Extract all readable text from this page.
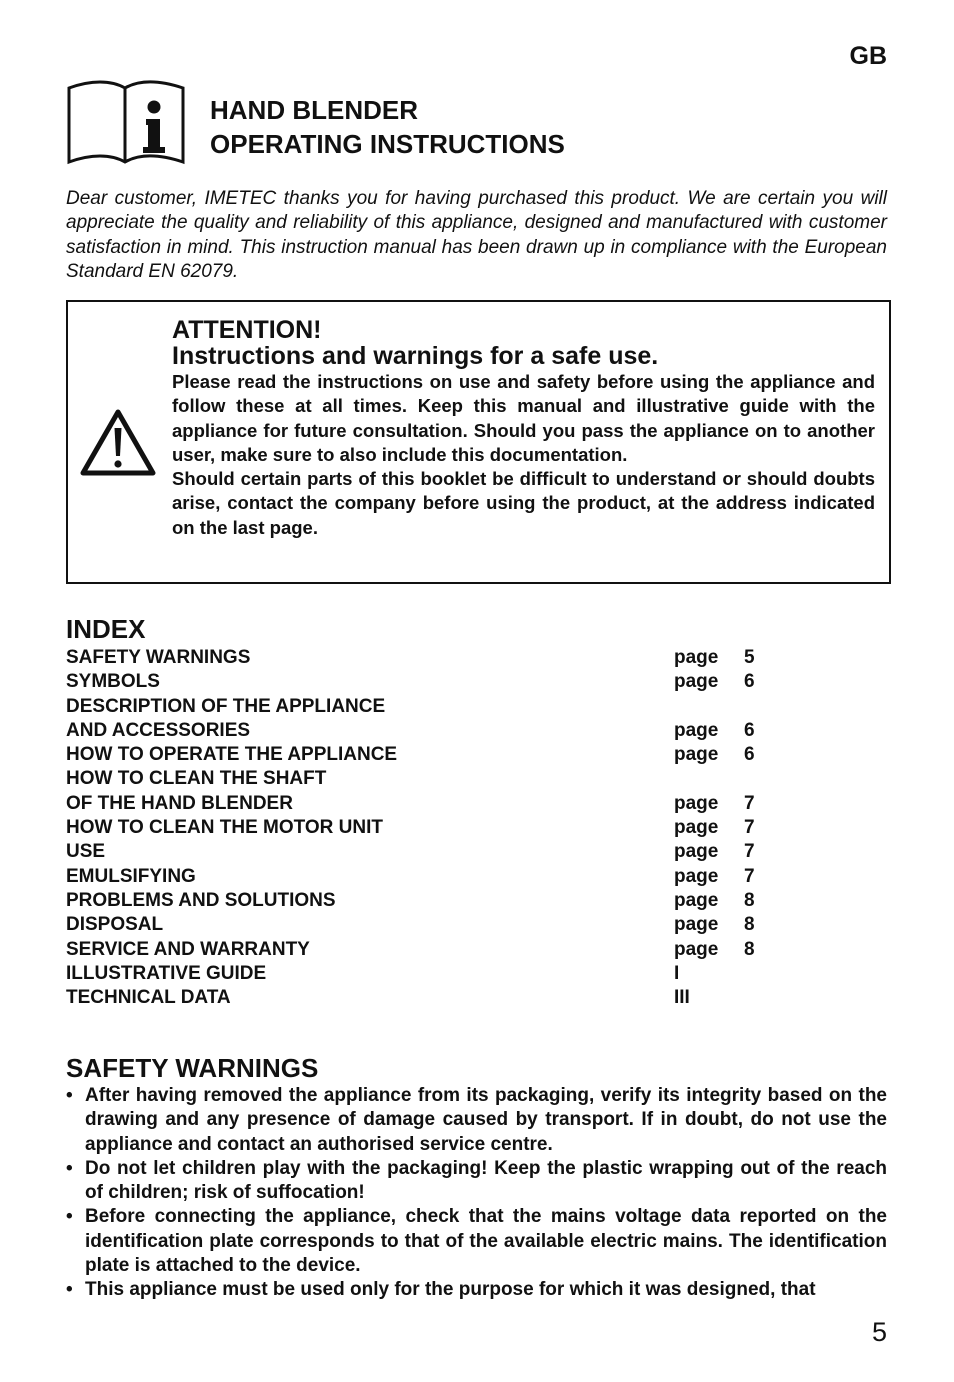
GB
HAND BLENDER
OPERATING INSTRUCTIONS

Dear customer, IMETEC thanks you for having purchased this product. We are certain you will appreciate the quality and reliability of this appliance, designed and manufactured with customer satisfaction in mind. This instruction manual has been drawn up in compliance with the European Standard EN 62079.

ATTENTION!
Instructions and warnings for a safe use.

Please read the instructions on use and safety before using the appliance and follow these at all times. Keep this manual and illustrative guide with the appliance for future consultation. Should you pass the appliance on to another user, make sure to also include this documentation.

Should certain parts of this booklet be difficult to understand or should doubts arise, contact the company before using the product, at the address indicated on the last page.

INDEX
SAFETY WARNINGS	page 5
SYMBOLS	page 6
DESCRIPTION OF THE APPLIANCE
AND ACCESSORIES	page 6
HOW TO OPERATE THE APPLIANCE	page 6
HOW TO CLEAN THE SHAFT
OF THE HAND BLENDER	page 7
HOW TO CLEAN THE MOTOR UNIT	page 7
USE	page 7
EMULSIFYING	page 7
PROBLEMS AND SOLUTIONS	page 8
DISPOSAL	page 8
SERVICE AND WARRANTY	page 8
ILLUSTRATIVE GUIDE	I
TECHNICAL DATA	III
SAFETY WARNINGS
• After having removed the appliance from its packaging, verify its integrity based on the drawing and any presence of damage caused by transport. If in doubt, do not use the appliance and contact an authorised service centre.
• Do not let children play with the packaging! Keep the plastic wrapping out of the reach of children; risk of suffocation!
• Before connecting the appliance, check that the mains voltage data reported on the identification plate corresponds to that of the available electric mains. The identification plate is attached to the device.
• This appliance must be used only for the purpose for which it was designed, that
5
